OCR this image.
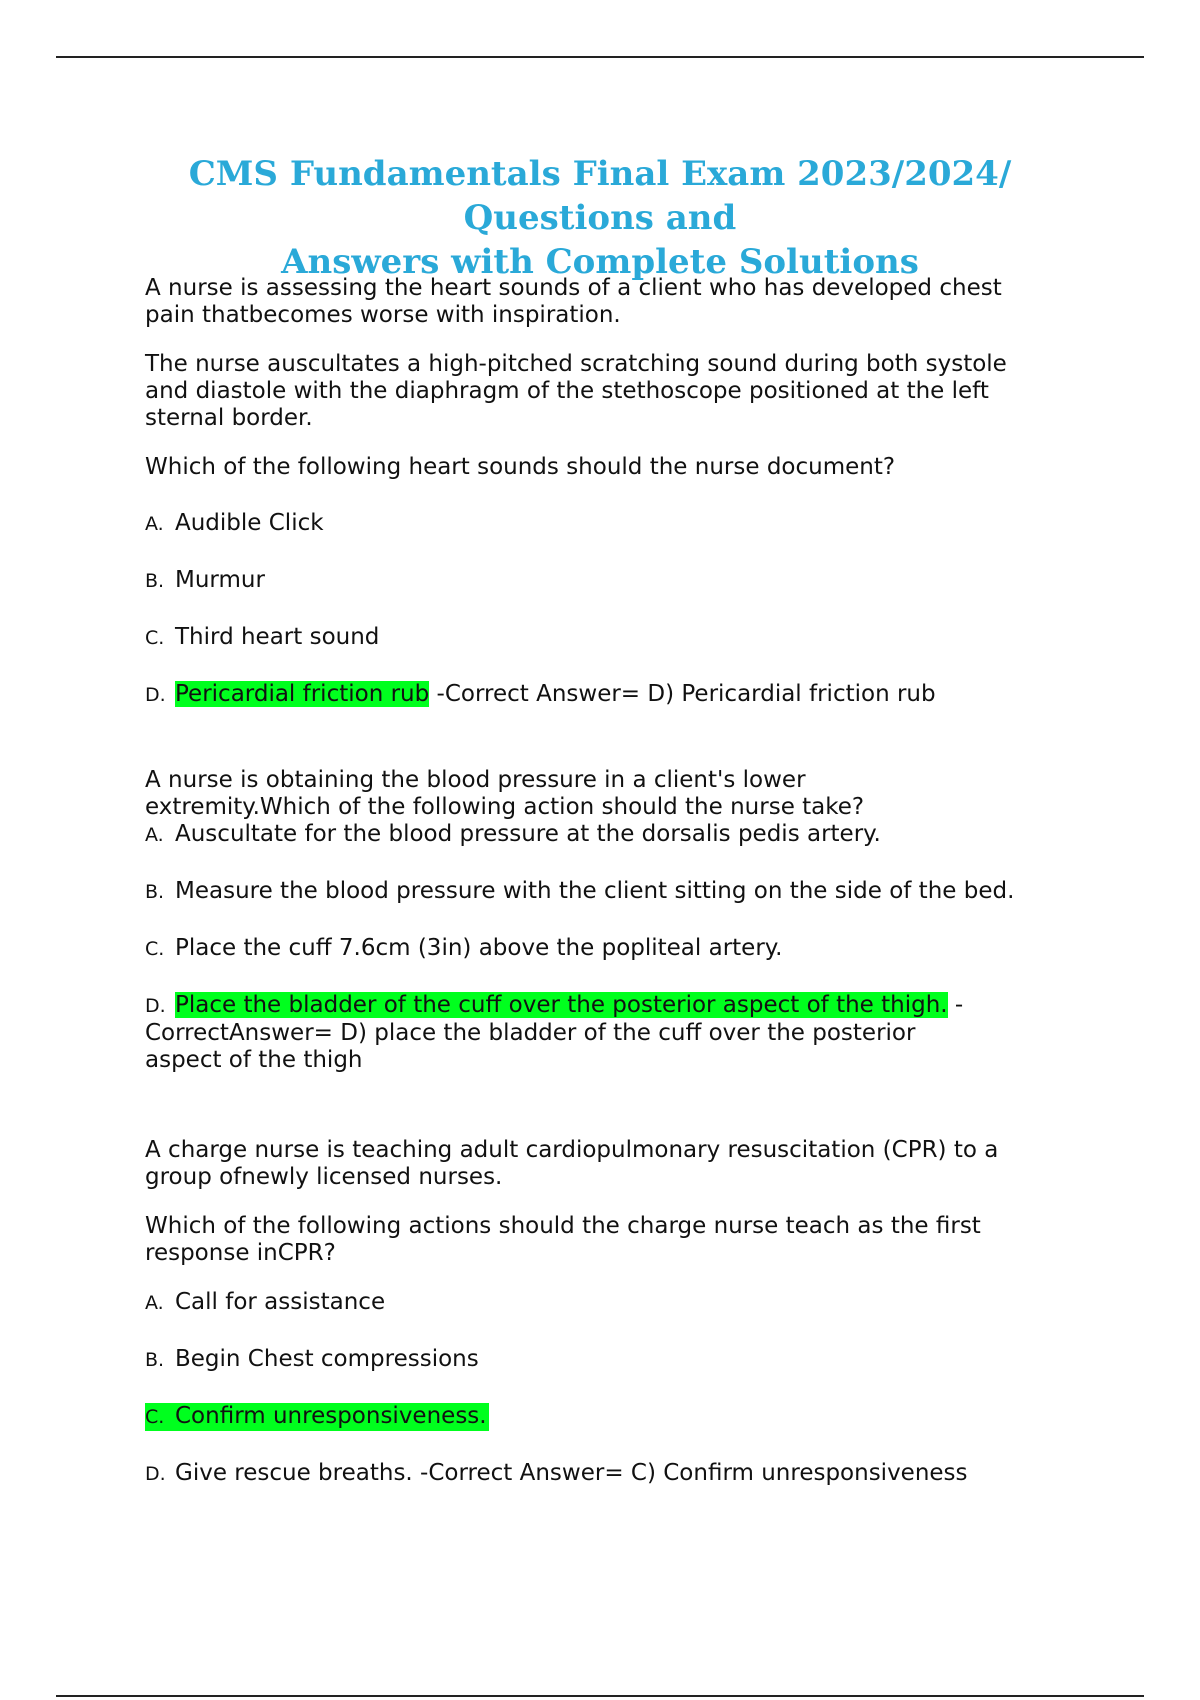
CMS Fundamentals Final Exam 2023/2024/ Questions and
Answers with Complete Solutions

A nurse is assessing the heart sounds of a client who has developed chest
pain thatbecomes worse with inspiration.

The nurse auscultates a high-pitched scratching sound during both systole
and diastole with the diaphragm of the stethoscope positioned at the left
sternal border.

Which of the following heart sounds should the nurse document?

A. Audible Click

B. Murmur

C. Third heart sound

D. Pericardial friction rub -Correct Answer= D) Pericardial friction rub

A nurse is obtaining the blood pressure in a client's lower
extremity.Which of the following action should the nurse take?

A. Auscultate for the blood pressure at the dorsalis pedis artery.

B. Measure the blood pressure with the client sitting on the side of the bed.

C. Place the cuff 7.6cm (3in) above the popliteal artery.

D. Place the bladder of the cuff over the posterior aspect of the thigh. -
CorrectAnswer= D) place the bladder of the cuff over the posterior
aspect of the thigh

A charge nurse is teaching adult cardiopulmonary resuscitation (CPR) to a
group ofnewly licensed nurses.

Which of the following actions should the charge nurse teach as the first
response inCPR?

A. Call for assistance

B. Begin Chest compressions

C. Confirm unresponsiveness.

D. Give rescue breaths. -Correct Answer= C) Confirm unresponsiveness
